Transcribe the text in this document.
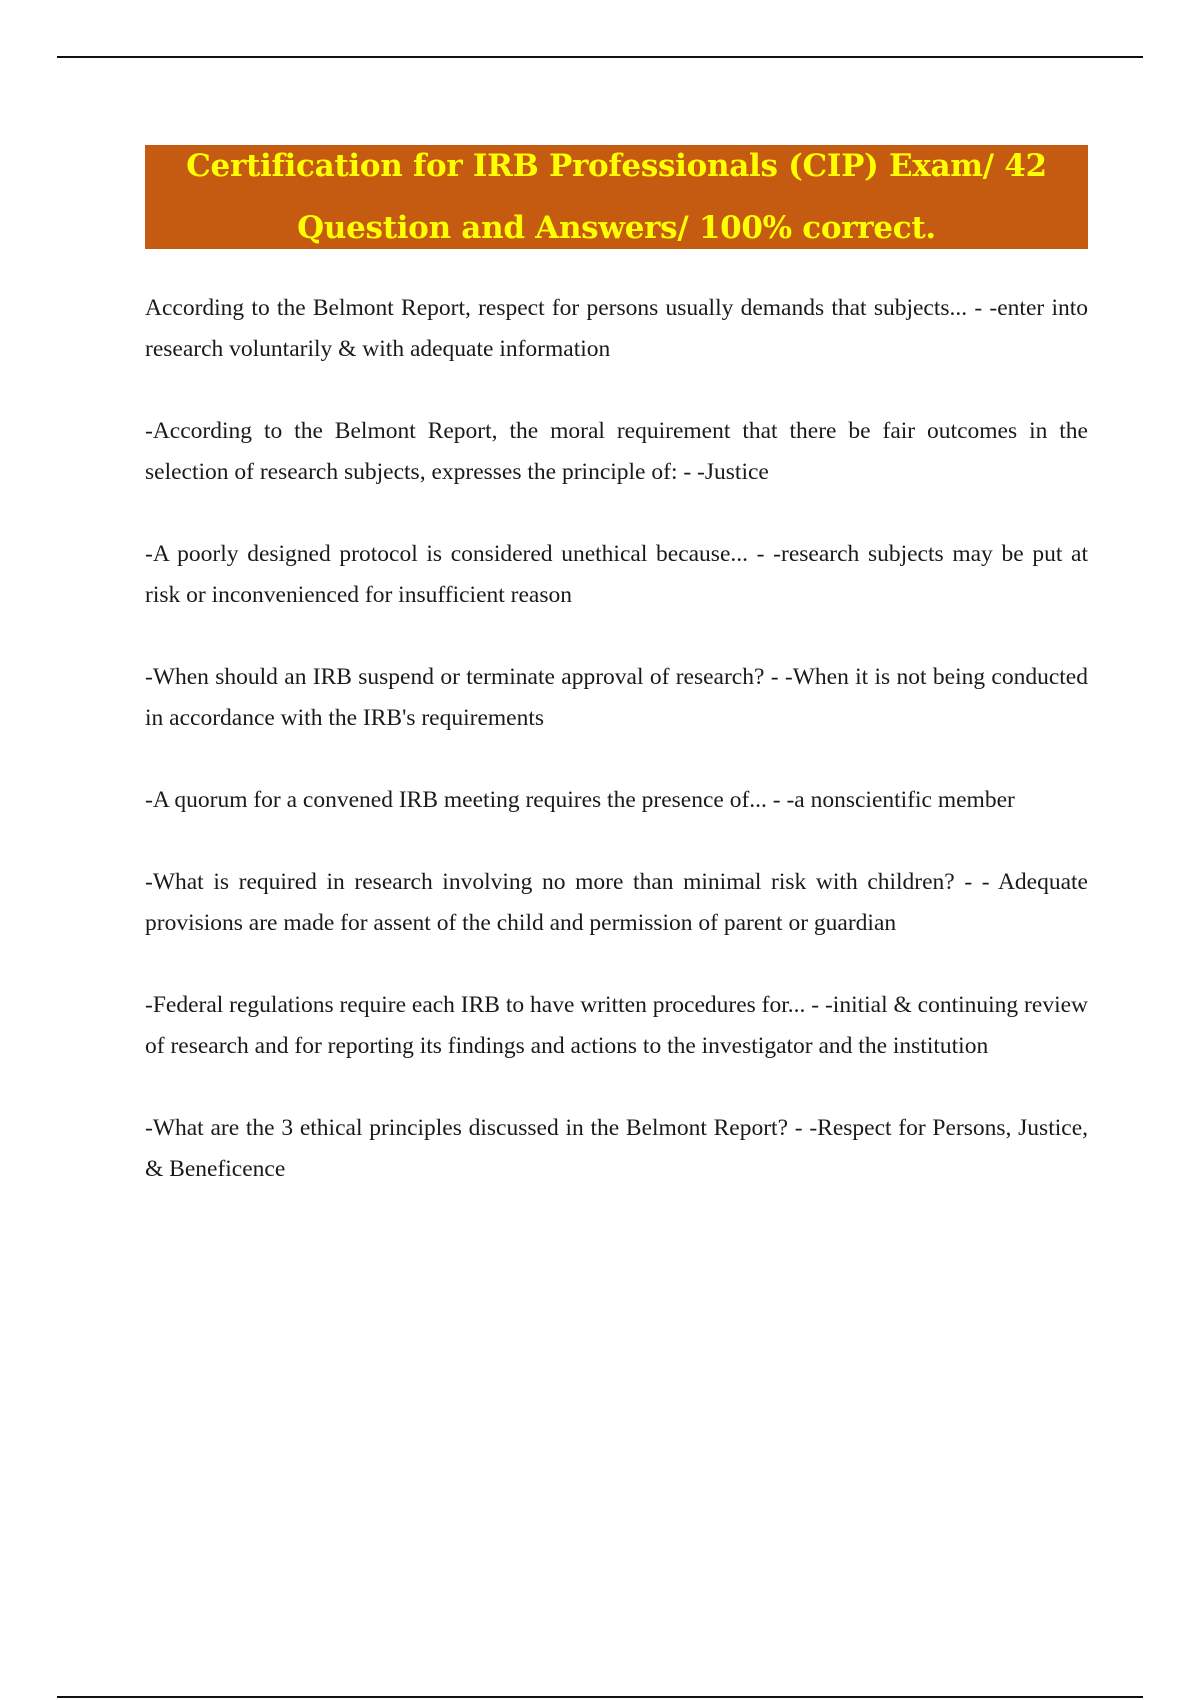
Certification for IRB Professionals (CIP) Exam/ 42
Question and Answers/ 100% correct.

According to the Belmont Report, respect for persons usually demands that subjects... - -enter into research voluntarily & with adequate information

-According to the Belmont Report, the moral requirement that there be fair outcomes in the selection of research subjects, expresses the principle of: - -Justice

-A poorly designed protocol is considered unethical because... - -research subjects may be put at risk or inconvenienced for insufficient reason

-When should an IRB suspend or terminate approval of research? - -When it is not being conducted in accordance with the IRB's requirements

-A quorum for a convened IRB meeting requires the presence of... - -a nonscientific member

-What is required in research involving no more than minimal risk with children? - - Adequate provisions are made for assent of the child and permission of parent or guardian

-Federal regulations require each IRB to have written procedures for... - -initial & continuing review of research and for reporting its findings and actions to the investigator and the institution

-What are the 3 ethical principles discussed in the Belmont Report? - -Respect for Persons, Justice, & Beneficence
